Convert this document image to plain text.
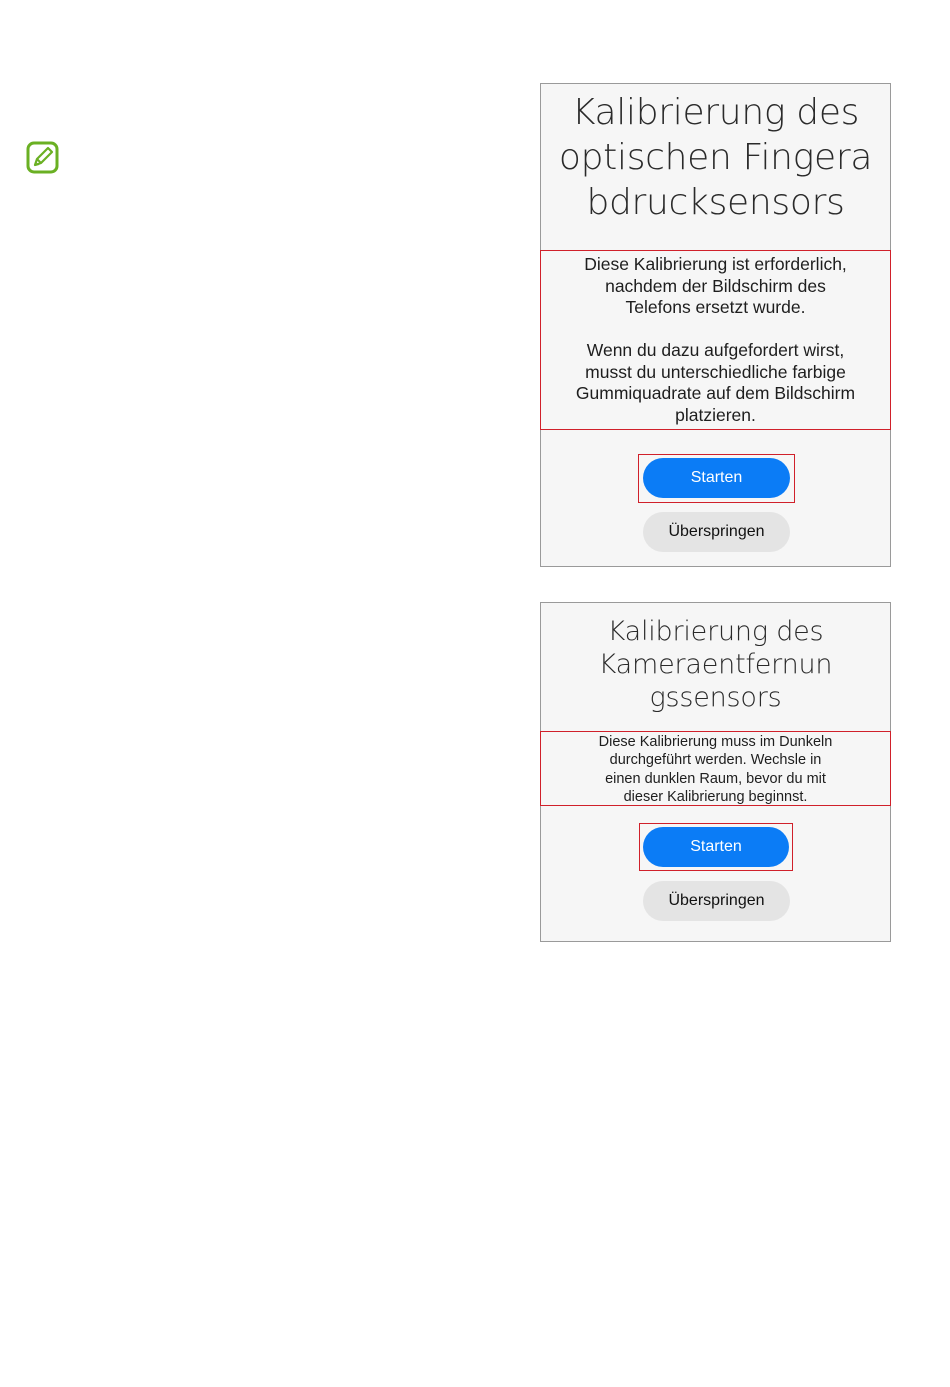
Kalibrierung des
optischen Fingera
bdrucksensors

Diese Kalibrierung ist erforderlich,
nachdem der Bildschirm des
Telefons ersetzt wurde.

Wenn du dazu aufgefordert wirst,
musst du unterschiedliche farbige
Gummiquadrate auf dem Bildschirm
platzieren.

Starten
Überspringen
Kalibrierung des
Kameraentfernun
gssensors

Diese Kalibrierung muss im Dunkeln
durchgeführt werden. Wechsle in
einen dunklen Raum, bevor du mit
dieser Kalibrierung beginnst.

Starten
Überspringen
